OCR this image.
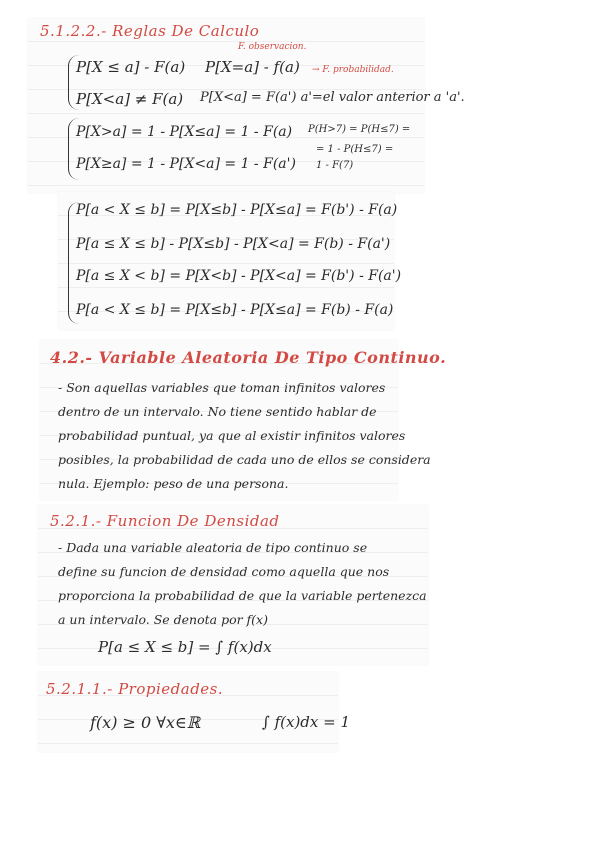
5.1.2.2.- Reglas De Calculo
F. observacion.
→ F. probabilidad.
P[X ≤ a] - F(a) P[X=a] - f(a)
P[X<a] ≠ F(a) P[X<a] = F(a') a'=el valor anterior a 'a'.
P[X>a] = 1 - P[X≤a] = 1 - F(a) P(H>7) = P(H≤7) =
P[X≥a] = 1 - P[X<a] = 1 - F(a')
= 1 - P(H≤7) = 1 - F(7)
P[a < X ≤ b] = P[X≤b] - P[X≤a] = F(b') - F(a)
P[a ≤ X ≤ b] - P[X≤b] - P[X<a] = F(b) - F(a')
P[a ≤ X < b] = P[X<b] - P[X<a] = F(b') - F(a')
P[a < X ≤ b] = P[X≤b] - P[X≤a] = F(b) - F(a)
4.2.- Variable Aleatoria De Tipo Continuo.
- Son aquellas variables que toman infinitos valores
dentro de un intervalo. No tiene sentido hablar de
probabilidad puntual, ya que al existir infinitos valores
posibles, la probabilidad de cada uno de ellos se considera
nula. Ejemplo: peso de una persona.
5.2.1.- Funcion De Densidad
- Dada una variable aleatoria de tipo continuo se
define su funcion de densidad como aquella que nos
proporciona la probabilidad de que la variable pertenezca
a un intervalo. Se denota por f(x)
P[a ≤ X ≤ b] = ∫ f(x)dx
5.2.1.1.- Propiedades.
f(x) ≥ 0 ∀x∈ℝ	∫ f(x)dx = 1
